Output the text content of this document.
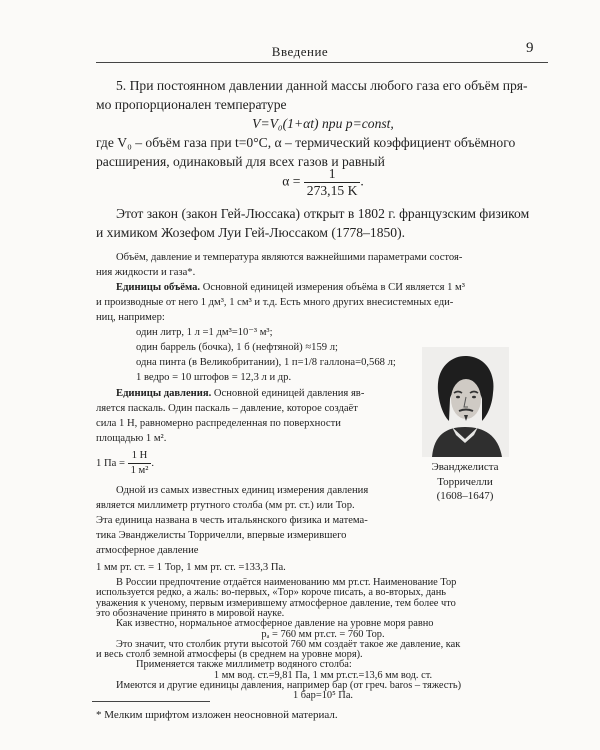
Введение	9
5. При постоянном давлении данной массы любого газа его объём пря-
мо пропорционален температуре
V=V₀(1+αt) при p=const,
где V₀ – объём газа при t=0°C, α – термический коэффициент объёмного
расширения, одинаковый для всех газов и равный
$\alpha = \frac{1}{273,15 K}$ .
Этот закон (закон Гей-Люссака) открыт в 1802 г. французским физиком
и химиком Жозефом Луи Гей-Люссаком (1778–1850).
Объём, давление и температура являются важнейшими параметрами состоя-
ния жидкости и газа*.
Единицы объёма. Основной единицей измерения объёма в СИ является 1 м³
и производные от него 1 дм³, 1 см³ и т.д. Есть много других внесистемных еди-
ниц, например:
один литр, 1 л =1 дм³=10⁻³ м³;
один баррель (бочка), 1 б (нефтяной) ≈159 л;
одна пинта (в Великобритании), 1 п=1/8 галлона=0,568 л;
1 ведро = 10 штофов = 12,3 л и др.
Единицы давления. Основной единицей давления яв-
ляется паскаль. Один паскаль – давление, которое создаёт
сила 1 Н, равномерно распределенная по поверхности
площадью 1 м².
1 Па = $\frac{1 Н}{\text{1 м²}}$ .
Одной из самых известных единиц измерения давления
является миллиметр ртутного столба (мм рт. ст.) или Тор.
Эта единица названа в честь итальянского физика и матема-
тика Эванджелисты Торричелли, впервые измерившего
атмосферное давление
1 мм рт. ст. = 1 Тор, 1 мм рт. ст. =133,3 Па.
Эванджелиста
Торричелли
(1608–1647)
* Мелким шрифтом изложен неосновной материал.
В России предпочтение отдаётся наименованию мм рт.ст. Наименование Тор
используется редко, а жаль: во-первых, «Тор» короче писать, а во-вторых, дань
уважения к ученому, первым измерившему атмосферное давление, тем более что
это обозначение принято в мировой науке.
Как известно, нормальное атмосферное давление на уровне моря равно
pₐ = 760 мм рт.ст. = 760 Тор.
Это значит, что столбик ртути высотой 760 мм создаёт такое же давление, как
и весь столб земной атмосферы (в среднем на уровне моря).
Применяется также миллиметр водяного столба:
1 мм вод. ст.=9,81 Па, 1 мм рт.ст.=13,6 мм вод. ст.
Имеются и другие единицы давления, например бар (от греч. baros – тяжесть)
1 бар=10⁵ Па.
